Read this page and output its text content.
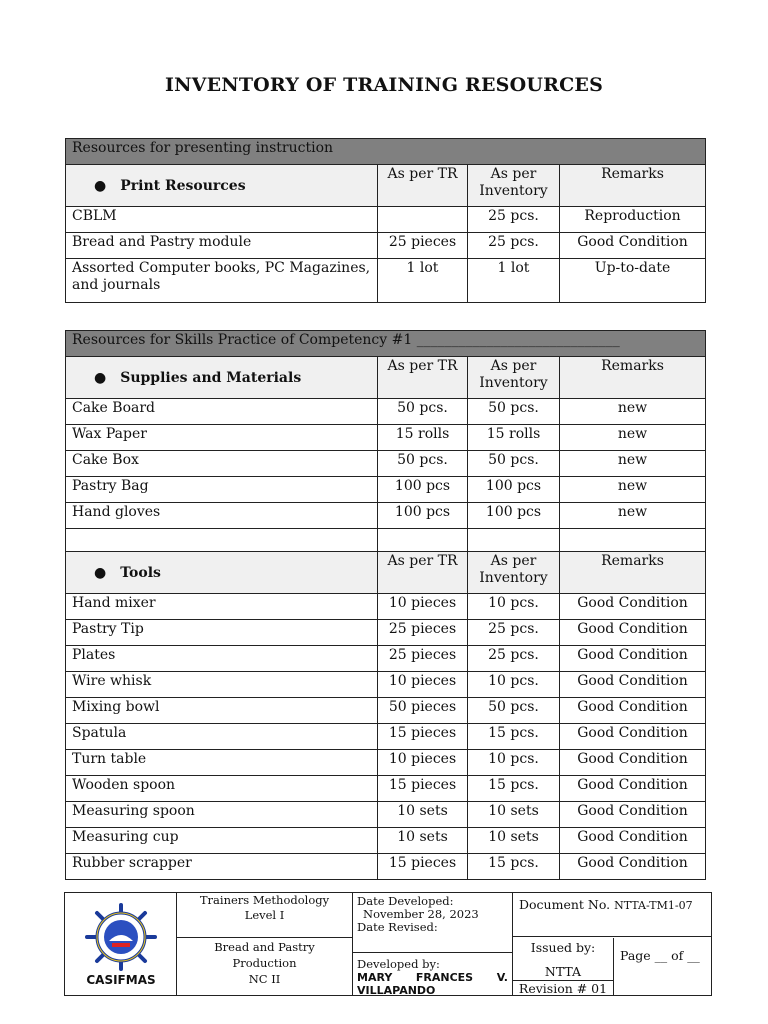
INVENTORY OF TRAINING RESOURCES
Resources for presenting instruction			
● Print Resources	As per TR	As per Inventory	Remarks
CBLM		25 pcs.	Reproduction
Bread and Pastry module	25 pieces	25 pcs.	Good Condition
Assorted Computer books, PC Magazines, and journals	1 lot	1 lot	Up-to-date
Resources for Skills Practice of Competency #1 _____________________________			
● Supplies and Materials	As per TR	As per Inventory	Remarks
Cake Board	50 pcs.	50 pcs.	new
Wax Paper	15 rolls	15 rolls	new
Cake Box	50 pcs.	50 pcs.	new
Pastry Bag	100 pcs	100 pcs	new
Hand gloves	100 pcs	100 pcs	new

● Tools	As per TR	As per Inventory	Remarks
Hand mixer	10 pieces	10 pcs.	Good Condition
Pastry Tip	25 pieces	25 pcs.	Good Condition
Plates	25 pieces	25 pcs.	Good Condition
Wire whisk	10 pieces	10 pcs.	Good Condition
Mixing bowl	50 pieces	50 pcs.	Good Condition
Spatula	15 pieces	15 pcs.	Good Condition
Turn table	10 pieces	10 pcs.	Good Condition
Wooden spoon	15 pieces	15 pcs.	Good Condition
Measuring spoon	10 sets	10 sets	Good Condition
Measuring cup	10 sets	10 sets	Good Condition
Rubber scrapper	15 pieces	15 pcs.	Good Condition
CASIFMAS
Trainers Methodology
Level I
Bread and Pastry
Production
NC II
Date Developed:
November 28, 2023
Date Revised:
Developed by:
MARY FRANCES V.
VILLAPANDO
Document No. NTTA-TM1-07
Issued by:
NTTA
Revision # 01
Page __ of __
